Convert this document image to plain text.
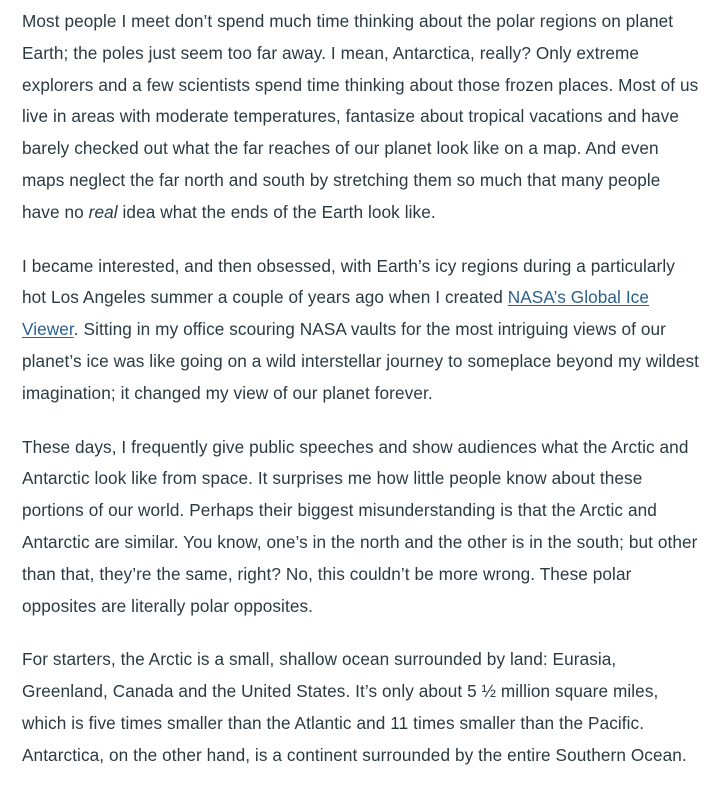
Most people I meet don’t spend much time thinking about the polar regions on planet Earth; the poles just seem too far away. I mean, Antarctica, really? Only extreme explorers and a few scientists spend time thinking about those frozen places. Most of us live in areas with moderate temperatures, fantasize about tropical vacations and have barely checked out what the far reaches of our planet look like on a map. And even maps neglect the far north and south by stretching them so much that many people have no real idea what the ends of the Earth look like.

I became interested, and then obsessed, with Earth’s icy regions during a particularly hot Los Angeles summer a couple of years ago when I created NASA’s Global Ice Viewer. Sitting in my office scouring NASA vaults for the most intriguing views of our planet’s ice was like going on a wild interstellar journey to someplace beyond my wildest imagination; it changed my view of our planet forever.

These days, I frequently give public speeches and show audiences what the Arctic and Antarctic look like from space. It surprises me how little people know about these portions of our world. Perhaps their biggest misunderstanding is that the Arctic and Antarctic are similar. You know, one’s in the north and the other is in the south; but other than that, they’re the same, right? No, this couldn’t be more wrong. These polar opposites are literally polar opposites.

For starters, the Arctic is a small, shallow ocean surrounded by land: Eurasia, Greenland, Canada and the United States. It’s only about 5 ½ million square miles, which is five times smaller than the Atlantic and 11 times smaller than the Pacific. Antarctica, on the other hand, is a continent surrounded by the entire Southern Ocean.
